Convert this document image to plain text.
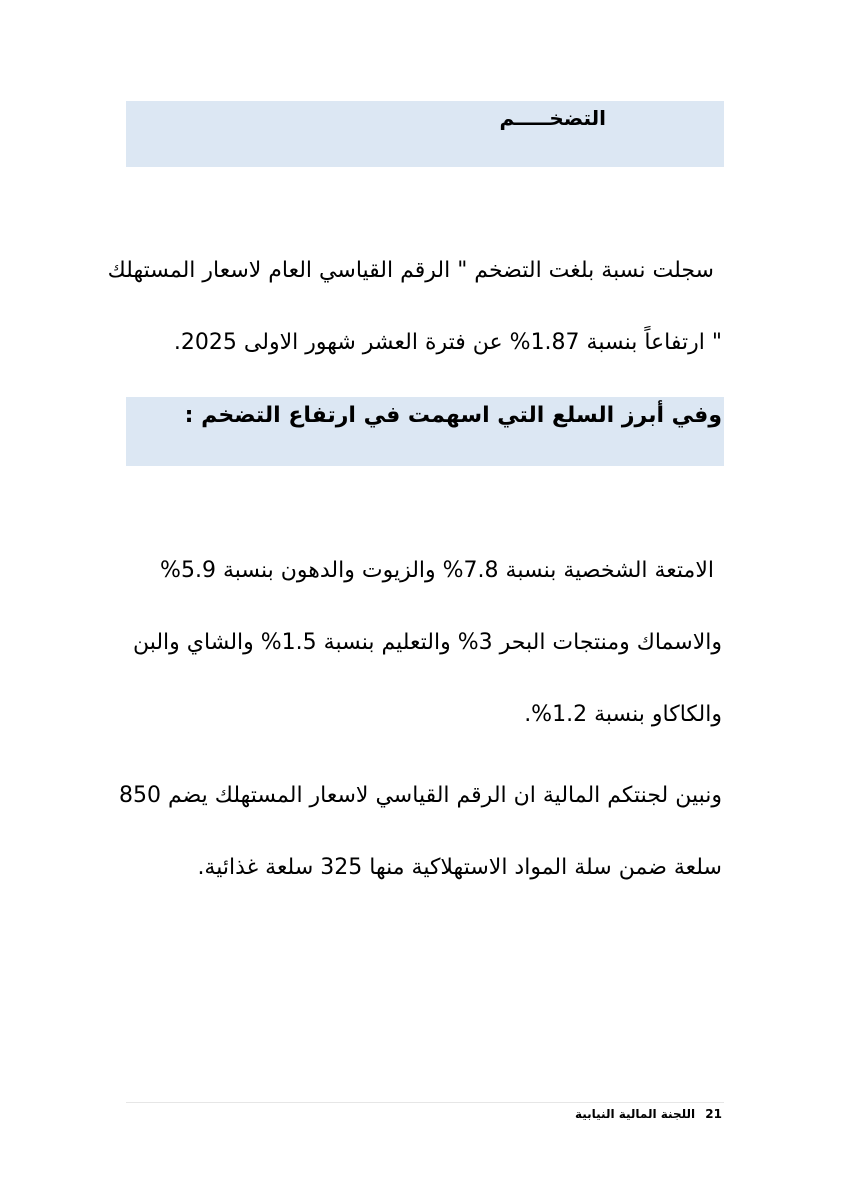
التضخـــــم

سجلت نسبة بلغت التضخم " الرقم القياسي العام لاسعار المستهلك
" ارتفاعاً بنسبة 1.87% عن فترة العشر شهور الاولى 2025.

وفي أبرز السلع التي اسهمت في ارتفاع التضخم :

الامتعة الشخصية بنسبة 7.8% والزيوت والدهون بنسبة 5.9%
والاسماك ومنتجات البحر 3% والتعليم بنسبة 1.5% والشاي والبن
والكاكاو بنسبة 1.2%.

ونبين لجنتكم المالية ان الرقم القياسي لاسعار المستهلك يضم 850
سلعة ضمن سلة المواد الاستهلاكية منها 325 سلعة غذائية.

21 اللجنة المالية النيابية
